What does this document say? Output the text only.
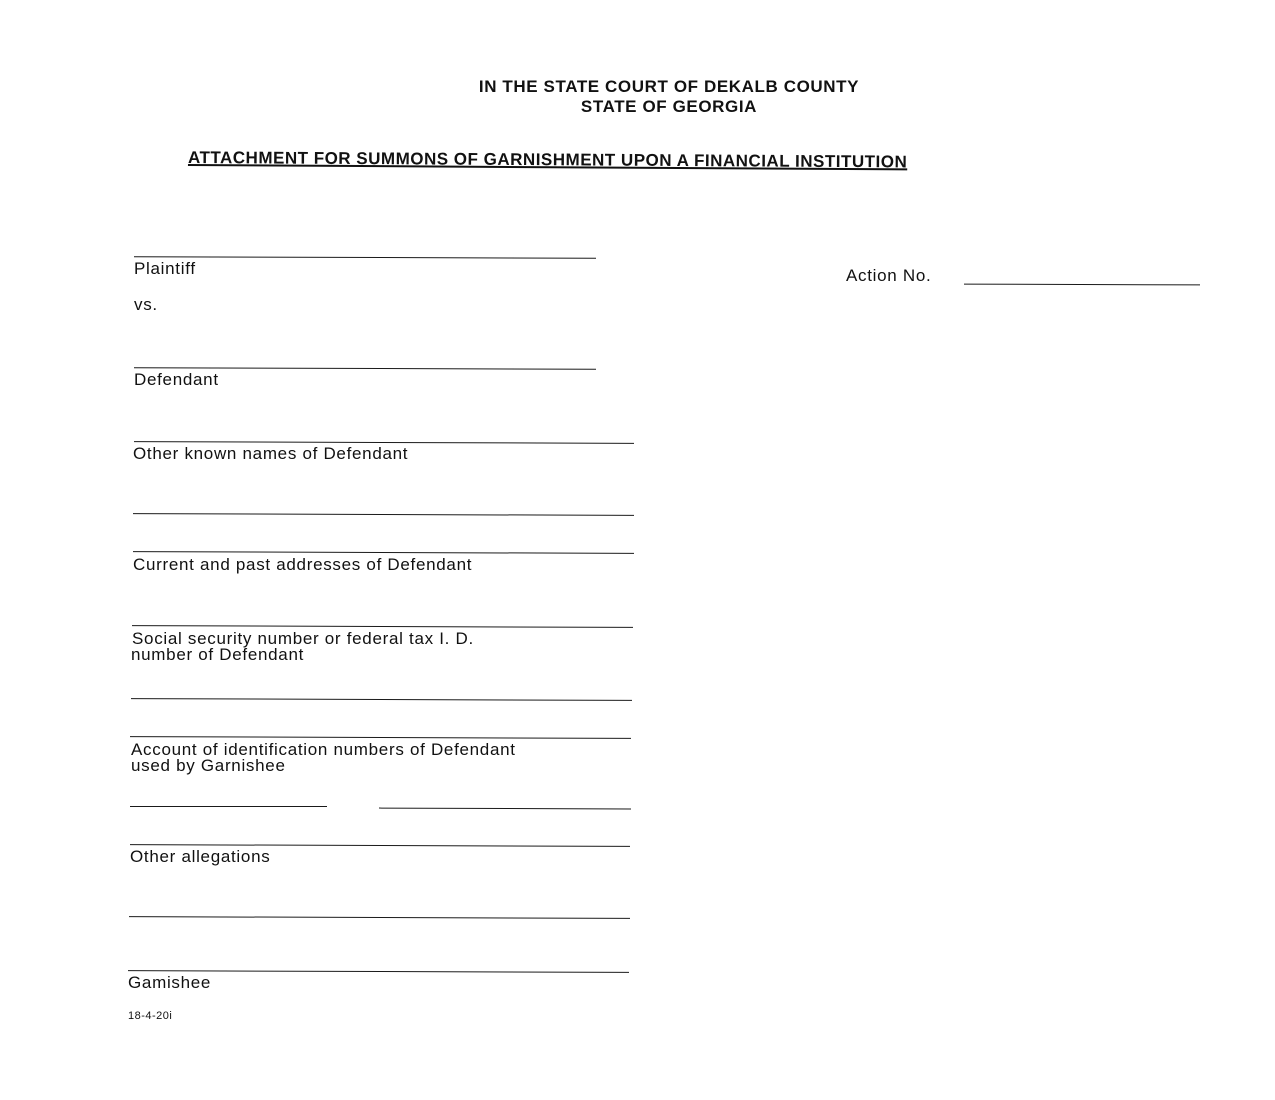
IN THE STATE COURT OF DEKALB COUNTY
STATE OF GEORGIA
ATTACHMENT FOR SUMMONS OF GARNISHMENT UPON A FINANCIAL INSTITUTION
Plaintiff	Action No.
vs.
Defendant
Other known names of Defendant
Current and past addresses of Defendant
Social security number or federal tax I. D.
number of Defendant
Account of identification numbers of Defendant
used by Garnishee
Other allegations
Gamishee
18-4-20i
